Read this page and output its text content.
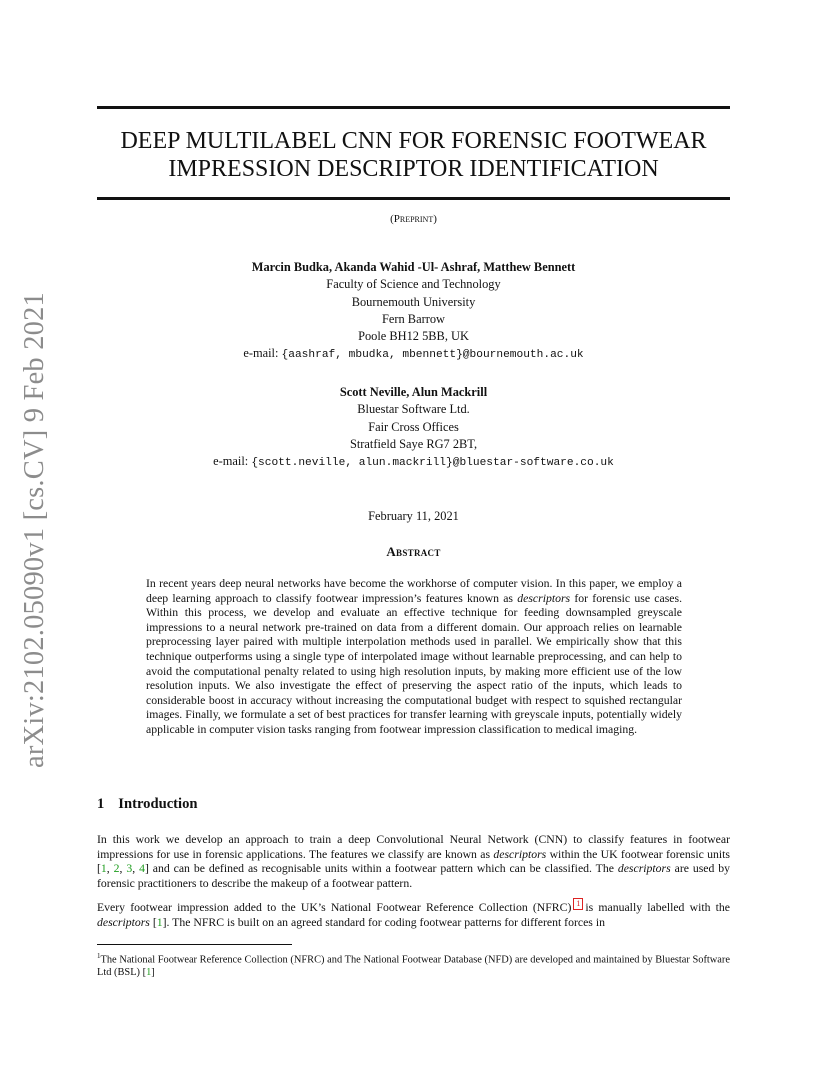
arXiv:2102.05090v1 [cs.CV] 9 Feb 2021
DEEP MULTILABEL CNN FOR FORENSIC FOOTWEAR
IMPRESSION DESCRIPTOR IDENTIFICATION
(Preprint)
Marcin Budka, Akanda Wahid -Ul- Ashraf, Matthew Bennett
Faculty of Science and Technology
Bournemouth University
Fern Barrow
Poole BH12 5BB, UK
e-mail: {aashraf, mbudka, mbennett}@bournemouth.ac.uk
Scott Neville, Alun Mackrill
Bluestar Software Ltd.
Fair Cross Offices
Stratfield Saye RG7 2BT,
e-mail: {scott.neville, alun.mackrill}@bluestar-software.co.uk
February 11, 2021
Abstract
In recent years deep neural networks have become the workhorse of computer vision. In this paper, we employ a deep learning approach to classify footwear impression’s features known as descriptors for forensic use cases. Within this process, we develop and evaluate an effective technique for feeding downsampled greyscale impressions to a neural network pre-trained on data from a different domain. Our approach relies on learnable preprocessing layer paired with multiple interpolation methods used in parallel. We empirically show that this technique outperforms using a single type of interpolated image without learnable preprocessing, and can help to avoid the computational penalty related to using high resolution inputs, by making more efficient use of the low resolution inputs. We also investigate the effect of preserving the aspect ratio of the inputs, which leads to considerable boost in accuracy without increasing the computational budget with respect to squished rectangular images. Finally, we formulate a set of best practices for transfer learning with greyscale inputs, potentially widely applicable in computer vision tasks ranging from footwear impression classification to medical imaging.
1 Introduction
In this work we develop an approach to train a deep Convolutional Neural Network (CNN) to classify features in footwear impressions for use in forensic applications. The features we classify are known as descriptors within the UK footwear forensic units [1, 2, 3, 4] and can be defined as recognisable units within a footwear pattern which can be classified. The descriptors are used by forensic practitioners to describe the makeup of a footwear pattern.
Every footwear impression added to the UK’s National Footwear Reference Collection (NFRC) 1 is manually labelled with the descriptors [1]. The NFRC is built on an agreed standard for coding footwear patterns for different forces in
$^1$The National Footwear Reference Collection (NFRC) and The National Footwear Database (NFD) are developed and maintained by Bluestar Software Ltd (BSL) [1]
